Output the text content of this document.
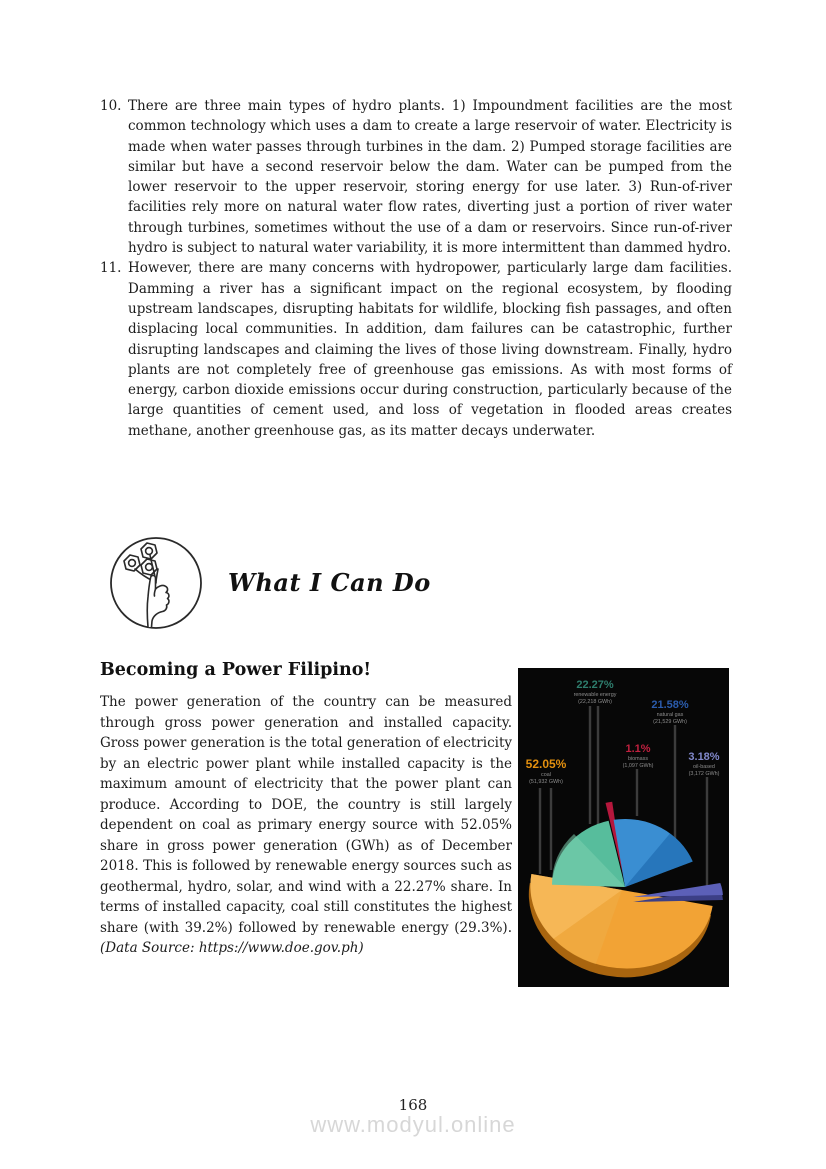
10. There are three main types of hydro plants. 1) Impoundment facilities are the most common technology which uses a dam to create a large reservoir of water. Electricity is made when water passes through turbines in the dam. 2) Pumped storage facilities are similar but have a second reservoir below the dam. Water can be pumped from the lower reservoir to the upper reservoir, storing energy for use later. 3) Run-of-river facilities rely more on natural water flow rates, diverting just a portion of river water through turbines, sometimes without the use of a dam or reservoirs. Since run-of-river hydro is subject to natural water variability, it is more intermittent than dammed hydro.
11. However, there are many concerns with hydropower, particularly large dam facilities. Damming a river has a significant impact on the regional ecosystem, by flooding upstream landscapes, disrupting habitats for wildlife, blocking fish passages, and often displacing local communities. In addition, dam failures can be catastrophic, further disrupting landscapes and claiming the lives of those living downstream. Finally, hydro plants are not completely free of greenhouse gas emissions. As with most forms of energy, carbon dioxide emissions occur during construction, particularly because of the large quantities of cement used, and loss of vegetation in flooded areas creates methane, another greenhouse gas, as its matter decays underwater.
What I Can Do
Becoming a Power Filipino!
The power generation of the country can be measured through gross power generation and installed capacity. Gross power generation is the total generation of electricity by an electric power plant while installed capacity is the maximum amount of electricity that the power plant can produce. According to DOE, the country is still largely dependent on coal as primary energy source with 52.05% share in gross power generation (GWh) as of December 2018. This is followed by renewable energy sources such as geothermal, hydro, solar, and wind with a 22.27% share. In terms of installed capacity, coal still constitutes the highest share (with 39.2%) followed by renewable energy (29.3%). (Data Source: https://www.doe.gov.ph)
22.27%
renewable energy
(22,218 GWh)	21.58%
natural gas
(21,529 GWh)
1.1%
biomass
(1,097 GWh)
52.05%
coal
(51,932 GWh)
3.18%
oil-based
(3,172 GWh)
168
www.modyul.online
